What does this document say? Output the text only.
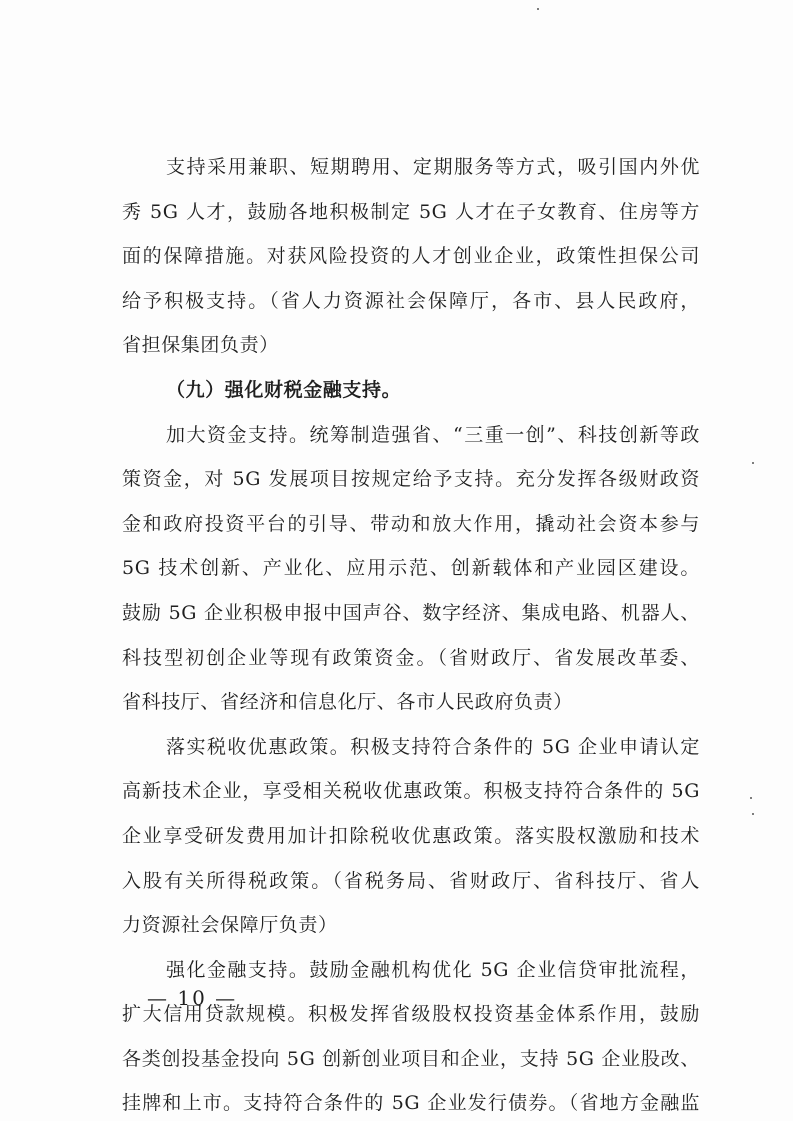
支持采用兼职、短期聘用、定期服务等方式，吸引国内外优
秀 5G 人才，鼓励各地积极制定 5G 人才在子女教育、住房等方
面的保障措施。对获风险投资的人才创业企业，政策性担保公司
给予积极支持。（省人力资源社会保障厅，各市、县人民政府，
省担保集团负责）
（九）强化财税金融支持。
加大资金支持。统筹制造强省、“三重一创”、科技创新等政
策资金，对 5G 发展项目按规定给予支持。充分发挥各级财政资
金和政府投资平台的引导、带动和放大作用，撬动社会资本参与
5G 技术创新、产业化、应用示范、创新载体和产业园区建设。
鼓励 5G 企业积极申报中国声谷、数字经济、集成电路、机器人、
科技型初创企业等现有政策资金。（省财政厅、省发展改革委、
省科技厅、省经济和信息化厅、各市人民政府负责）
落实税收优惠政策。积极支持符合条件的 5G 企业申请认定
高新技术企业，享受相关税收优惠政策。积极支持符合条件的 5G
企业享受研发费用加计扣除税收优惠政策。落实股权激励和技术
入股有关所得税政策。（省税务局、省财政厅、省科技厅、省人
力资源社会保障厅负责）
强化金融支持。鼓励金融机构优化 5G 企业信贷审批流程，
扩大信用贷款规模。积极发挥省级股权投资基金体系作用，鼓励
各类创投基金投向 5G 创新创业项目和企业，支持 5G 企业股改、
挂牌和上市。支持符合条件的 5G 企业发行债券。（省地方金融监
— 10 —
